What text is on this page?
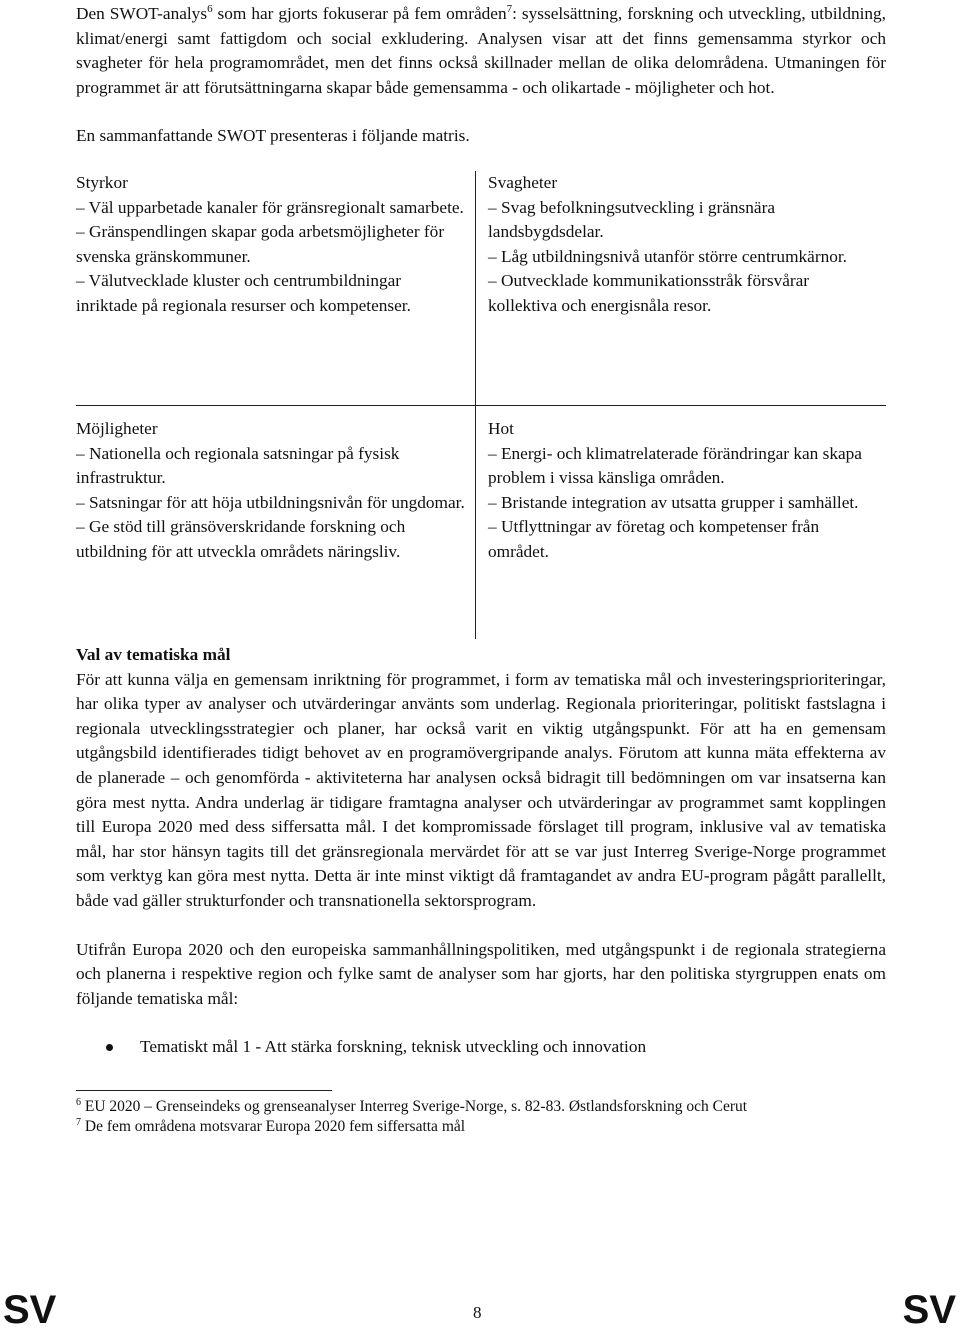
Den SWOT-analys$^6$ som har gjorts fokuserar på fem områden$^7$: sysselsättning, forskning och utveckling, utbildning, klimat/energi samt fattigdom och social exkludering. Analysen visar att det finns gemensamma styrkor och svagheter för hela programområdet, men det finns också skillnader mellan de olika delområdena. Utmaningen för programmet är att förutsättningarna skapar både gemensamma - och olikartade - möjligheter och hot.

En sammanfattande SWOT presenteras i följande matris.

Styrkor

– Väl upparbetade kanaler för gränsregionalt samarbete.

– Gränspendlingen skapar goda arbetsmöjligheter för svenska gränskommuner.

– Välutvecklade kluster och centrumbildningar inriktade på regionala resurser och kompetenser.

Svagheter

– Svag befolkningsutveckling i gränsnära landsbygdsdelar.

– Låg utbildningsnivå utanför större centrumkärnor.

– Outvecklade kommunikationsstråk försvårar kollektiva och energisnåla resor.

Möjligheter

– Nationella och regionala satsningar på fysisk infrastruktur.

– Satsningar för att höja utbildningsnivån för ungdomar.

– Ge stöd till gränsöverskridande forskning och utbildning för att utveckla områdets näringsliv.

Hot

– Energi- och klimatrelaterade förändringar kan skapa problem i vissa känsliga områden.

– Bristande integration av utsatta grupper i samhället.

– Utflyttningar av företag och kompetenser från området.

Val av tematiska mål

För att kunna välja en gemensam inriktning för programmet, i form av tematiska mål och investeringsprioriteringar, har olika typer av analyser och utvärderingar använts som underlag. Regionala prioriteringar, politiskt fastslagna i regionala utvecklingsstrategier och planer, har också varit en viktig utgångspunkt. För att ha en gemensam utgångsbild identifierades tidigt behovet av en programövergripande analys. Förutom att kunna mäta effekterna av de planerade – och genomförda - aktiviteterna har analysen också bidragit till bedömningen om var insatserna kan göra mest nytta. Andra underlag är tidigare framtagna analyser och utvärderingar av programmet samt kopplingen till Europa 2020 med dess siffersatta mål. I det kompromissade förslaget till program, inklusive val av tematiska mål, har stor hänsyn tagits till det gränsregionala mervärdet för att se var just Interreg Sverige-Norge programmet som verktyg kan göra mest nytta. Detta är inte minst viktigt då framtagandet av andra EU-program pågått parallellt, både vad gäller strukturfonder och transnationella sektorsprogram.

Utifrån Europa 2020 och den europeiska sammanhållningspolitiken, med utgångspunkt i de regionala strategierna och planerna i respektive region och fylke samt de analyser som har gjorts, har den politiska styrgruppen enats om följande tematiska mål:

Tematiskt mål 1 - Att stärka forskning, teknisk utveckling och innovation

$^6$ EU 2020 – Grenseindeks og grenseanalyser Interreg Sverige-Norge, s. 82-83. Østlandsforskning och Cerut

$^7$ De fem områdena motsvarar Europa 2020 fem siffersatta mål

SV	8	SV
